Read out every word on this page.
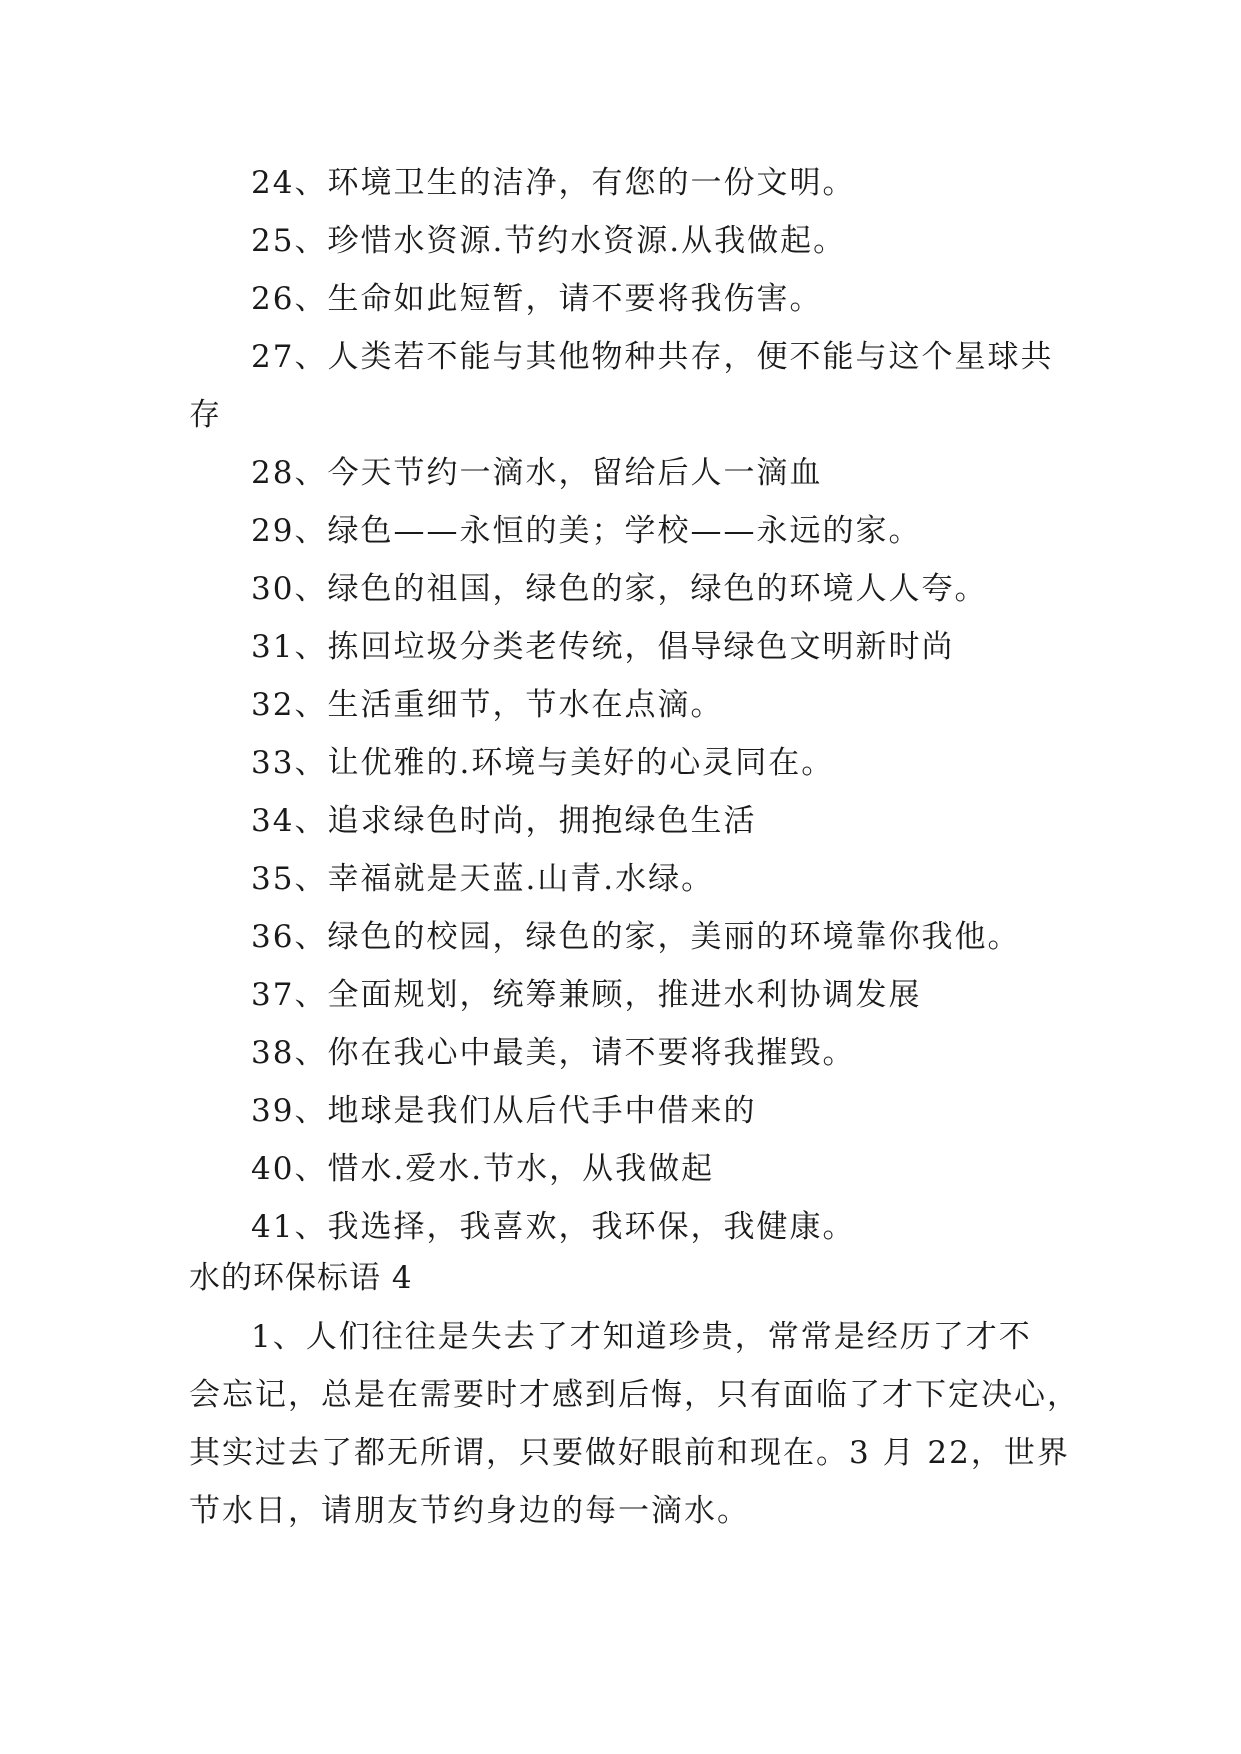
24、环境卫生的洁净，有您的一份文明。

25、珍惜水资源.节约水资源.从我做起。

26、生命如此短暂，请不要将我伤害。

27、人类若不能与其他物种共存，便不能与这个星球共

存

28、今天节约一滴水，留给后人一滴血

29、绿色——永恒的美；学校——永远的家。

30、绿色的祖国，绿色的家，绿色的环境人人夸。

31、拣回垃圾分类老传统，倡导绿色文明新时尚

32、生活重细节，节水在点滴。

33、让优雅的.环境与美好的心灵同在。

34、追求绿色时尚，拥抱绿色生活

35、幸福就是天蓝.山青.水绿。

36、绿色的校园，绿色的家，美丽的环境靠你我他。

37、全面规划，统筹兼顾，推进水利协调发展

38、你在我心中最美，请不要将我摧毁。

39、地球是我们从后代手中借来的

40、惜水.爱水.节水，从我做起

41、我选择，我喜欢，我环保，我健康。

水的环保标语 4

1、人们往往是失去了才知道珍贵，常常是经历了才不

会忘记，总是在需要时才感到后悔，只有面临了才下定决心，

其实过去了都无所谓，只要做好眼前和现在。3 月 22，世界

节水日，请朋友节约身边的每一滴水。
